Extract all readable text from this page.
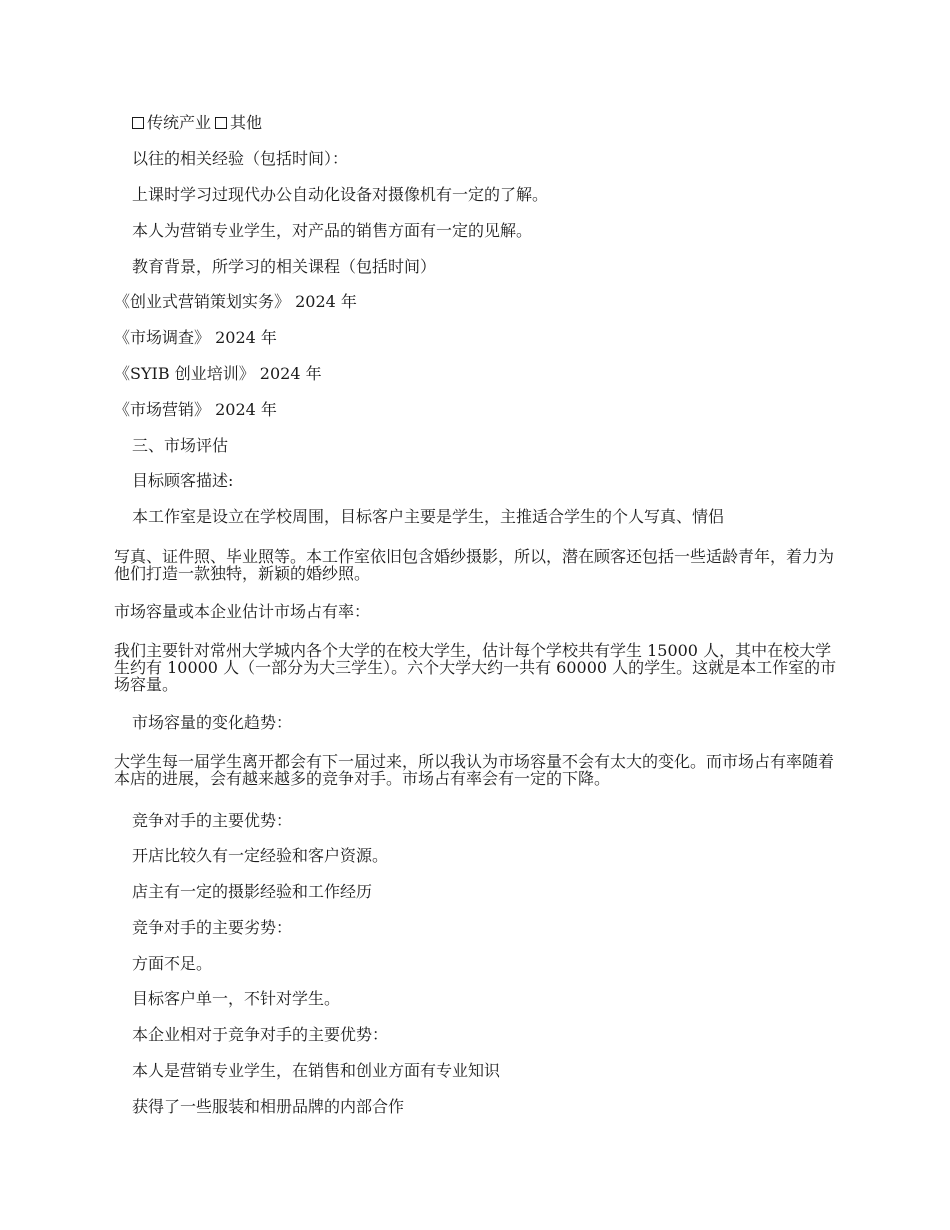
传统产业 其他
以往的相关经验（包括时间）：
上课时学习过现代办公自动化设备对摄像机有一定的了解。
本人为营销专业学生，对产品的销售方面有一定的见解。
教育背景，所学习的相关课程（包括时间）
《创业式营销策划实务》 2024 年
《市场调查》 2024 年
《SYIB 创业培训》 2024 年
《市场营销》 2024 年
三、市场评估
目标顾客描述:
本工作室是设立在学校周围，目标客户主要是学生，主推适合学生的个人写真、情侣
写真、证件照、毕业照等。本工作室依旧包含婚纱摄影，所以，潜在顾客还包括一些适龄青年，着力为他们打造一款独特，新颖的婚纱照。
市场容量或本企业估计市场占有率：
我们主要针对常州大学城内各个大学的在校大学生，估计每个学校共有学生 15000 人，其中在校大学生约有 10000 人（一部分为大三学生）。六个大学大约一共有 60000 人的学生。这就是本工作室的市场容量。
市场容量的变化趋势：
大学生每一届学生离开都会有下一届过来，所以我认为市场容量不会有太大的变化。而市场占有率随着本店的进展，会有越来越多的竞争对手。市场占有率会有一定的下降。
竞争对手的主要优势：
开店比较久有一定经验和客户资源。
店主有一定的摄影经验和工作经历
竞争对手的主要劣势：
方面不足。
目标客户单一，不针对学生。
本企业相对于竞争对手的主要优势：
本人是营销专业学生，在销售和创业方面有专业知识
获得了一些服装和相册品牌的内部合作
